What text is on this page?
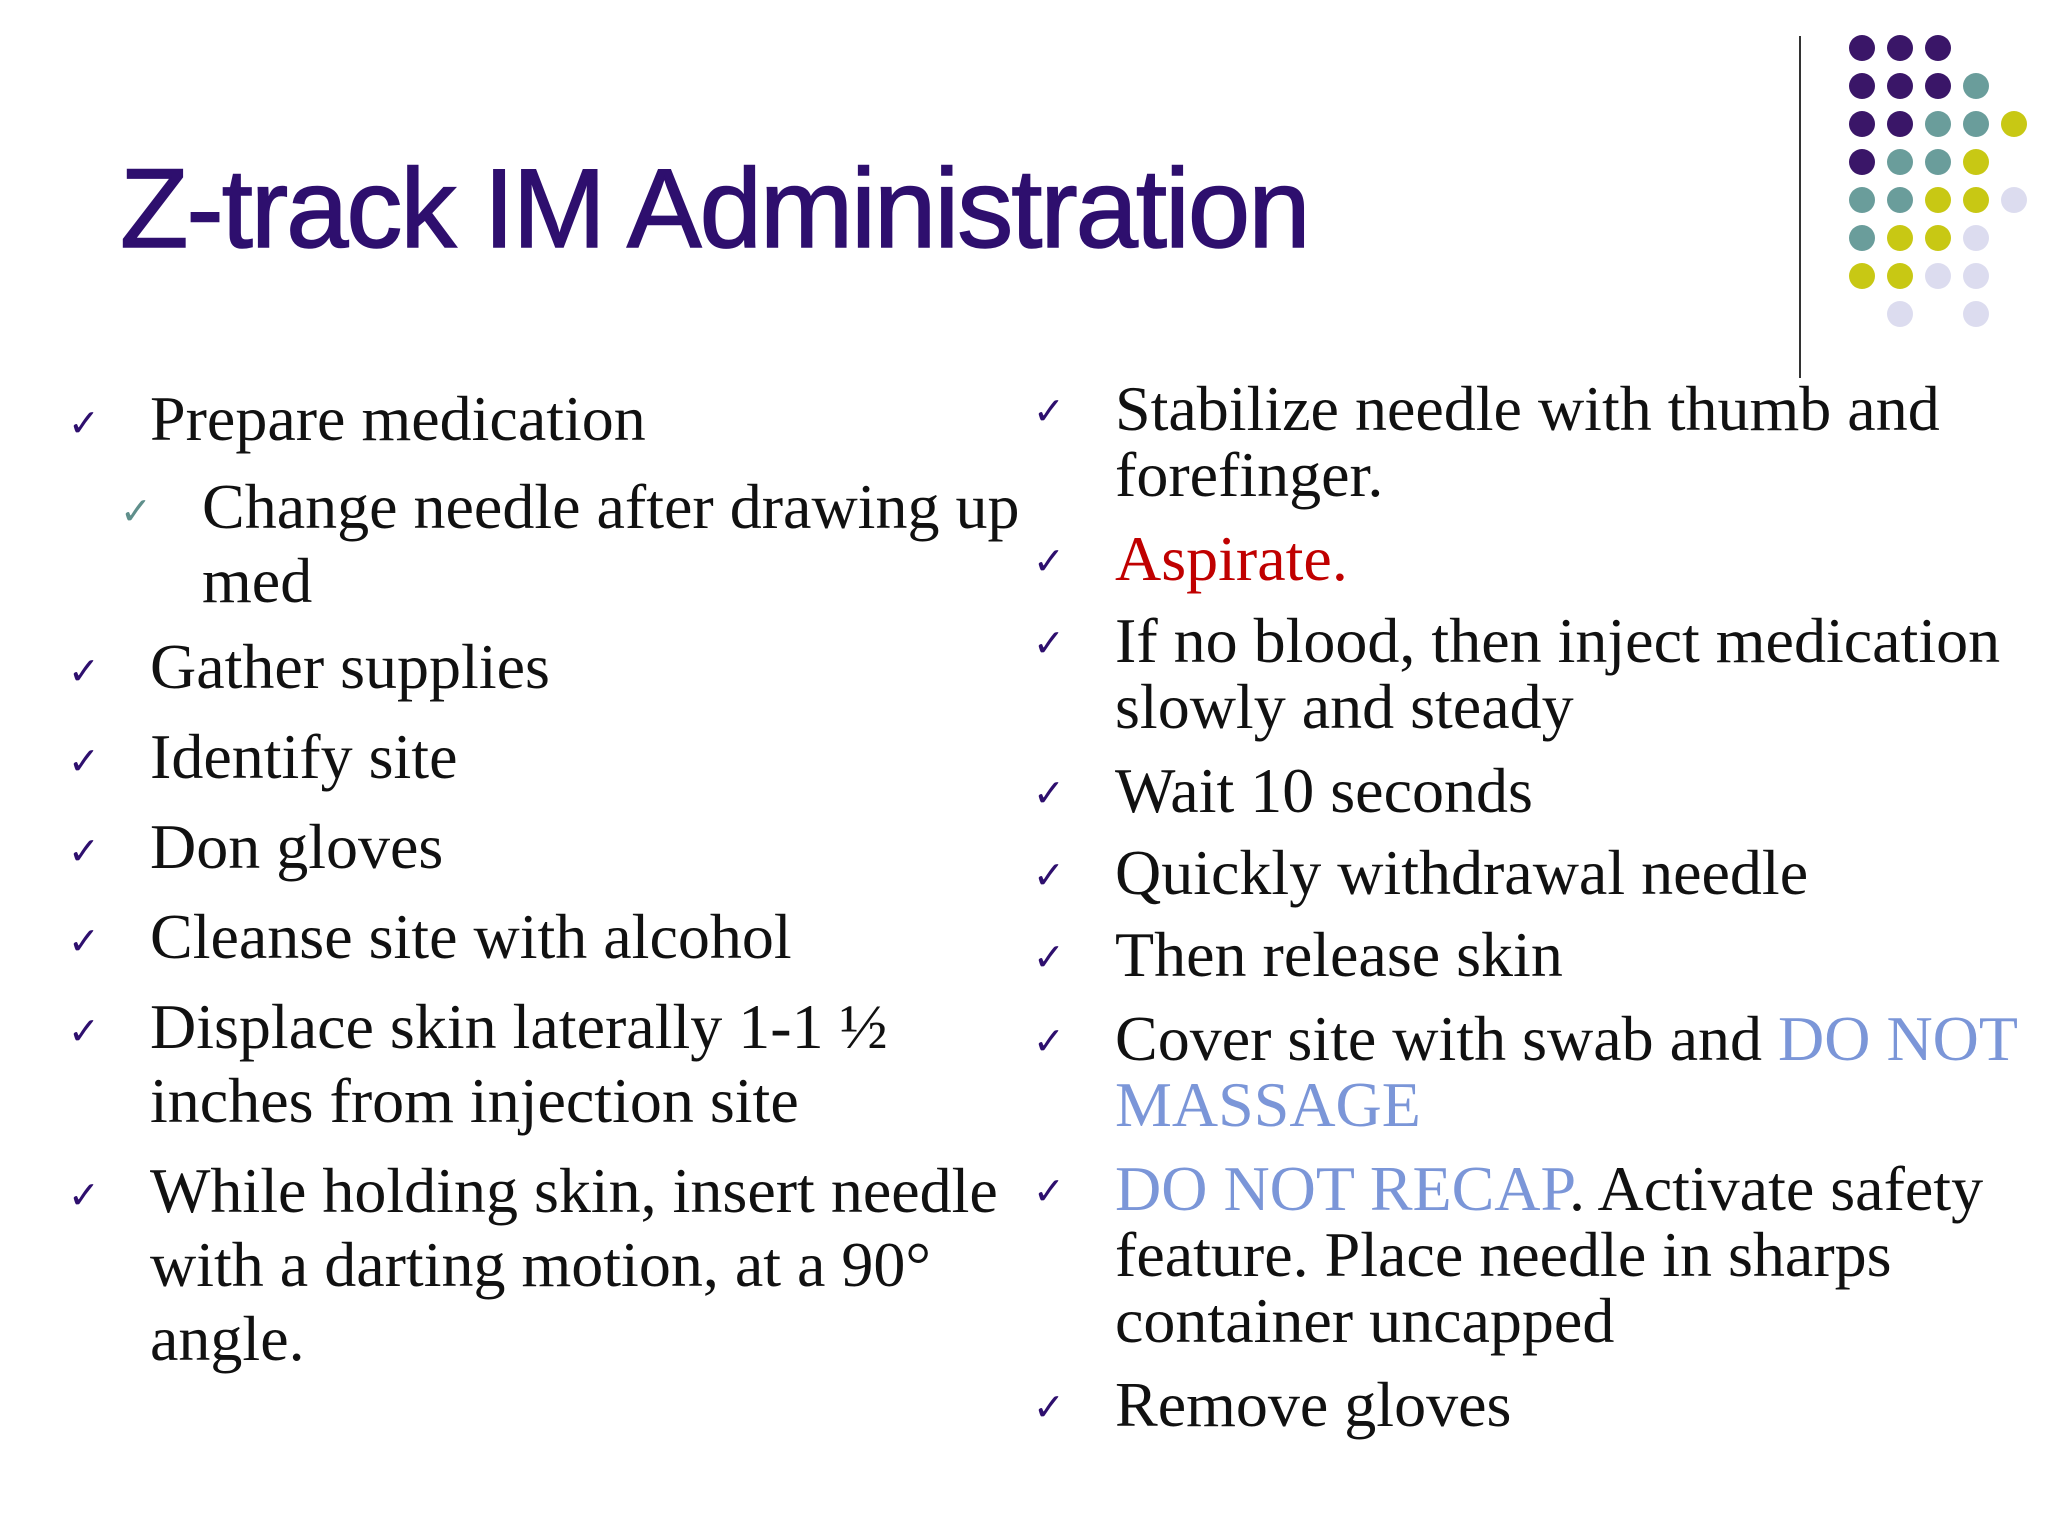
Z-track IM Administration
✓ Prepare medication
✓ Change needle after drawing up med
✓ Gather supplies
✓ Identify site
✓ Don gloves
✓ Cleanse site with alcohol
✓ Displace skin laterally 1-1 ½ inches from injection site
✓ While holding skin, insert needle with a darting motion, at a 90° angle.
✓ Stabilize needle with thumb and forefinger.
✓ Aspirate.
✓ If no blood, then inject medication slowly and steady
✓ Wait 10 seconds
✓ Quickly withdrawal needle
✓ Then release skin
✓ Cover site with swab and DO NOT MASSAGE
✓ DO NOT RECAP. Activate safety feature. Place needle in sharps container uncapped
✓ Remove gloves
